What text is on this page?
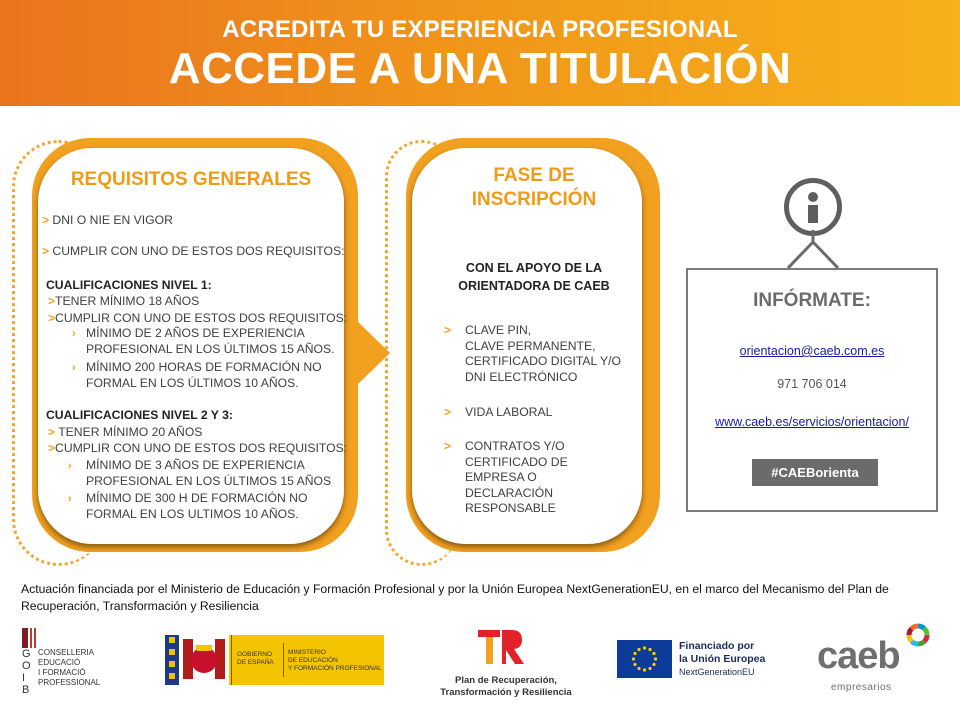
ACREDITA TU EXPERIENCIA PROFESIONAL
ACCEDE A UNA TITULACIÓN
REQUISITOS GENERALES
> DNI O NIE EN VIGOR
> CUMPLIR CON UNO DE ESTOS DOS REQUISITOS:
CUALIFICACIONES NIVEL 1:
>TENER MÍNIMO 18 AÑOS
>CUMPLIR CON UNO DE ESTOS DOS REQUISITOS:
› MÍNIMO DE 2 AÑOS DE EXPERIENCIA
PROFESIONAL EN LOS ÚLTIMOS 15 AÑOS.
› MÍNIMO 200 HORAS DE FORMACIÓN NO
FORMAL EN LOS ÚLTIMOS 10 AÑOS.
CUALIFICACIONES NIVEL 2 Y 3:
> TENER MÍNIMO 20 AÑOS
>CUMPLIR CON UNO DE ESTOS DOS REQUISITOS:
› MÍNIMO DE 3 AÑOS DE EXPERIENCIA
PROFESIONAL EN LOS ÚLTIMOS 15 AÑOS
› MÍNIMO DE 300 H DE FORMACIÓN NO
FORMAL EN LOS ULTIMOS 10 AÑOS.
FASE DE
INSCRIPCIÓN
CON EL APOYO DE LA
ORIENTADORA DE CAEB
> CLAVE PIN,
CLAVE PERMANENTE,
CERTIFICADO DIGITAL Y/O
DNI ELECTRÓNICO
> VIDA LABORAL
> CONTRATOS Y/O
CERTIFICADO DE
EMPRESA O
DECLARACIÓN
RESPONSABLE
INFÓRMATE:
orientacion@caeb.com.es
971 706 014
www.caeb.es/servicios/orientacion/
#CAEBorienta
Actuación financiada por el Ministerio de Educación y Formación Profesional y por la Unión Europea NextGenerationEU, en el marco del Mecanismo del Plan de Recuperación, Transformación y Resiliencia
G
O
I
B
CONSELLERIA
EDUCACIÓ
I FORMACIÓ
PROFESSIONAL
GOBIERNO
DE ESPAÑA
MINISTERIO
DE EDUCACIÓN
Y FORMACIÓN PROFESIONAL
Plan de Recuperación,
Transformación y Resiliencia
Financiado por
la Unión Europea
NextGenerationEU caeb
empresarios
